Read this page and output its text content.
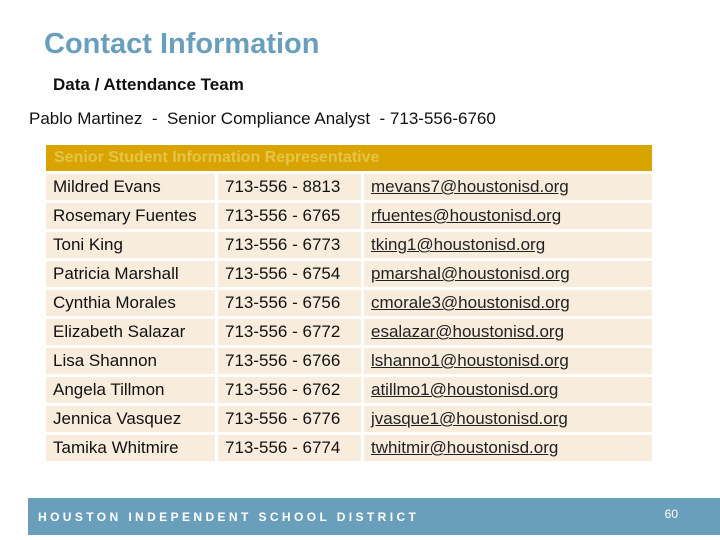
Contact Information
Data / Attendance Team
Pablo Martinez  -  Senior Compliance Analyst  - 713-556-6760
Senior Student Information Representative		
Mildred Evans	713-556 - 8813	mevans7@houstonisd.org
Rosemary Fuentes	713-556 - 6765	rfuentes@houstonisd.org
Toni King	713-556 - 6773	tking1@houstonisd.org
Patricia Marshall	713-556 - 6754	pmarshal@houstonisd.org
Cynthia Morales	713-556 - 6756	cmorale3@houstonisd.org
Elizabeth Salazar	713-556 - 6772	esalazar@houstonisd.org
Lisa Shannon	713-556 - 6766	lshanno1@houstonisd.org
Angela Tillmon	713-556 - 6762	atillmo1@houstonisd.org
Jennica Vasquez	713-556 - 6776	jvasque1@houstonisd.org
Tamika Whitmire	713-556 - 6774	twhitmir@houstonisd.org
HOUSTON INDEPENDENT SCHOOL DISTRICT	60
